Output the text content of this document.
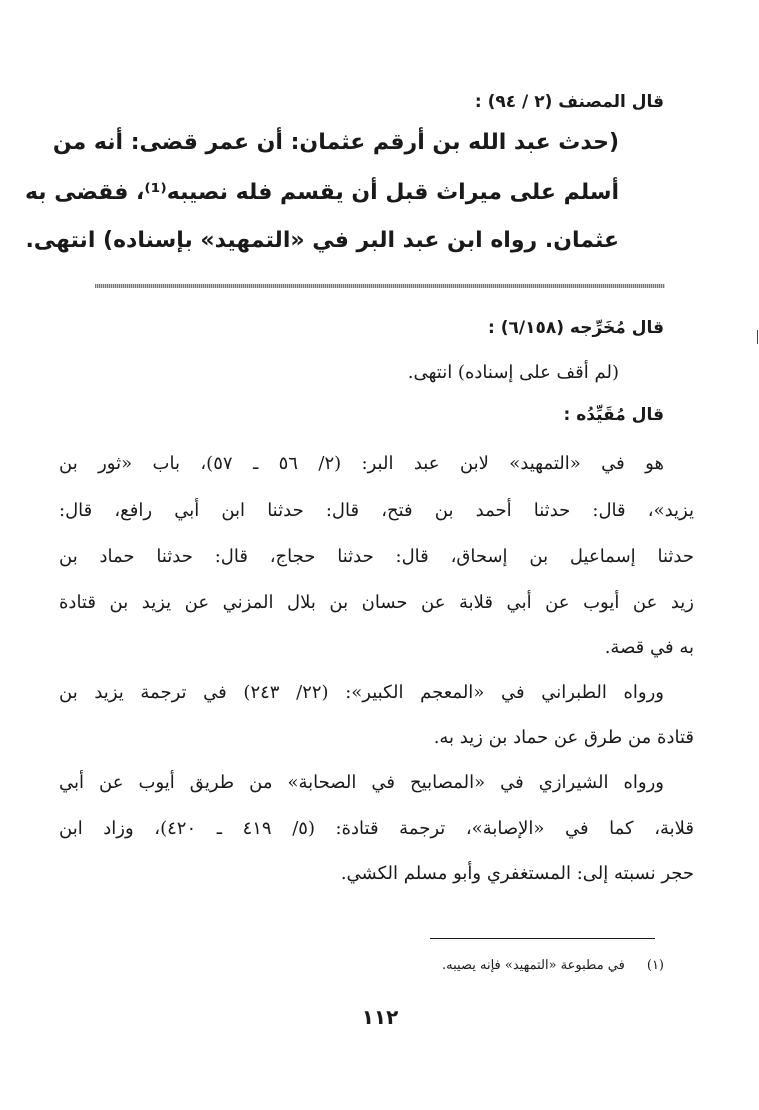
قال المصنف (٢ / ٩٤) :
(حدث عبد الله بن أرقم عثمان: أن عمر قضى: أنه من
أسلم على ميراث قبل أن يقسم فله نصيبه⁽¹⁾، فقضى به
عثمان. رواه ابن عبد البر في «التمهيد» بإسناده) انتهى.
قال مُخَرِّجه (٦/١٥٨) :
(لم أقف على إسناده) انتهى.
قال مُقَيِّدُه :
هو في «التمهيد» لابن عبد البر: (٢/ ٥٦ ـ ٥٧)، باب «ثور بن
يزيد»، قال: حدثنا أحمد بن فتح، قال: حدثنا ابن أبي رافع، قال:
حدثنا إسماعيل بن إسحاق، قال: حدثنا حجاج، قال: حدثنا حماد بن
زيد عن أيوب عن أبي قلابة عن حسان بن بلال المزني عن يزيد بن قتادة
به في قصة.
ورواه الطبراني في «المعجم الكبير»: (٢٢/ ٢٤٣) في ترجمة يزيد بن
قتادة من طرق عن حماد بن زيد به.
ورواه الشيرازي في «المصابيح في الصحابة» من طريق أيوب عن أبي
قلابة، كما في «الإصابة»، ترجمة قتادة: (٥/ ٤١٩ ـ ٤٢٠)، وزاد ابن
حجر نسبته إلى: المستغفري وأبو مسلم الكشي.
(١)في مطبوعة «التمهيد» فإنه يصيبه.
١١٢
